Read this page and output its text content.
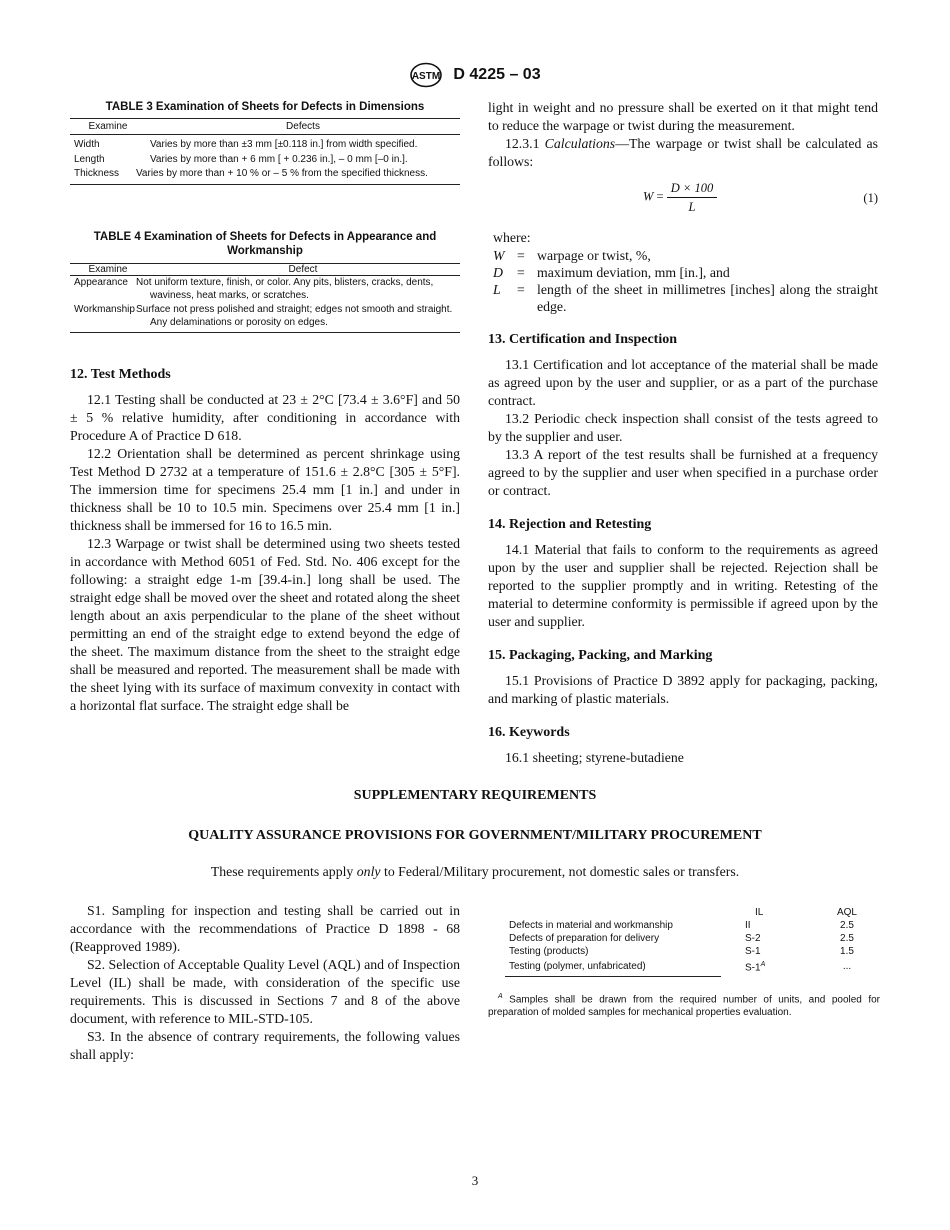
ASTM D 4225 – 03
TABLE 3 Examination of Sheets for Defects in Dimensions
Examine	Defects
Width	Varies by more than ±3 mm [±0.118 in.] from width specified.
Length	Varies by more than + 6 mm [ + 0.236 in.], – 0 mm [–0 in.].
Thickness	Varies by more than + 10 % or – 5 % from the specified thickness.
TABLE 4 Examination of Sheets for Defects in Appearance and Workmanship
Examine	Defect
Appearance	Not uniform texture, finish, or color. Any pits, blisters, cracks, dents, waviness, heat marks, or scratches.
Workmanship	Surface not press polished and straight; edges not smooth and straight. Any delaminations or porosity on edges.
12. Test Methods

12.1 Testing shall be conducted at 23 ± 2°C [73.4 ± 3.6°F] and 50 ± 5 % relative humidity, after conditioning in accordance with Procedure A of Practice D 618.

12.2 Orientation shall be determined as percent shrinkage using Test Method D 2732 at a temperature of 151.6 ± 2.8°C [305 ± 5°F]. The immersion time for specimens 25.4 mm [1 in.] and under in thickness shall be 10 to 10.5 min. Specimens over 25.4 mm [1 in.] thickness shall be immersed for 16 to 16.5 min.

12.3 Warpage or twist shall be determined using two sheets tested in accordance with Method 6051 of Fed. Std. No. 406 except for the following: a straight edge 1-m [39.4-in.] long shall be used. The straight edge shall be moved over the sheet and rotated along the sheet length about an axis perpendicular to the plane of the sheet without permitting an end of the straight edge to extend beyond the edge of the sheet. The maximum distance from the sheet to the straight edge shall be measured and reported. The measurement shall be made with the sheet lying with its surface of maximum convexity in contact with a horizontal flat surface. The straight edge shall be

light in weight and no pressure shall be exerted on it that might tend to reduce the warpage or twist during the measurement.

12.3.1 Calculations—The warpage or twist shall be calculated as follows:

$W = \frac{D \times 100}{L}$	(1)
where:
W = warpage or twist, %,
D	= maximum deviation, mm [in.], and
L	= length of the sheet in millimetres [inches] along the straight edge.
13. Certification and Inspection

13.1 Certification and lot acceptance of the material shall be made as agreed upon by the user and supplier, or as a part of the purchase contract.

13.2 Periodic check inspection shall consist of the tests agreed to by the supplier and user.

13.3 A report of the test results shall be furnished at a frequency agreed to by the supplier and user when specified in a purchase order or contract.

14. Rejection and Retesting

14.1 Material that fails to conform to the requirements as agreed upon by the user and supplier shall be rejected. Rejection shall be reported to the supplier promptly and in writing. Retesting of the material to determine conformity is permissible if agreed upon by the user and supplier.

15. Packaging, Packing, and Marking

15.1 Provisions of Practice D 3892 apply for packaging, packing, and marking of plastic materials.

16. Keywords

16.1 sheeting; styrene-butadiene

SUPPLEMENTARY REQUIREMENTS
QUALITY ASSURANCE PROVISIONS FOR GOVERNMENT/MILITARY PROCUREMENT
These requirements apply only to Federal/Military procurement, not domestic sales or transfers.

S1. Sampling for inspection and testing shall be carried out in accordance with the recommendations of Practice D 1898 - 68 (Reapproved 1989).

S2. Selection of Acceptable Quality Level (AQL) and of Inspection Level (IL) shall be made, with consideration of the specific use requirements. This is discussed in Sections 7 and 8 of the above document, with reference to MIL-STD-105.

S3. In the absence of contrary requirements, the following values shall apply:

	IL	AQL
Defects in material and workmanship	II	2.5
Defects of preparation for delivery	S-2	2.5
Testing (products)	S-1	1.5
Testing (polymer, unfabricated)	$S-1^A$	...
$^A$ Samples shall be drawn from the required number of units, and pooled for preparation of molded samples for mechanical properties evaluation.
3
